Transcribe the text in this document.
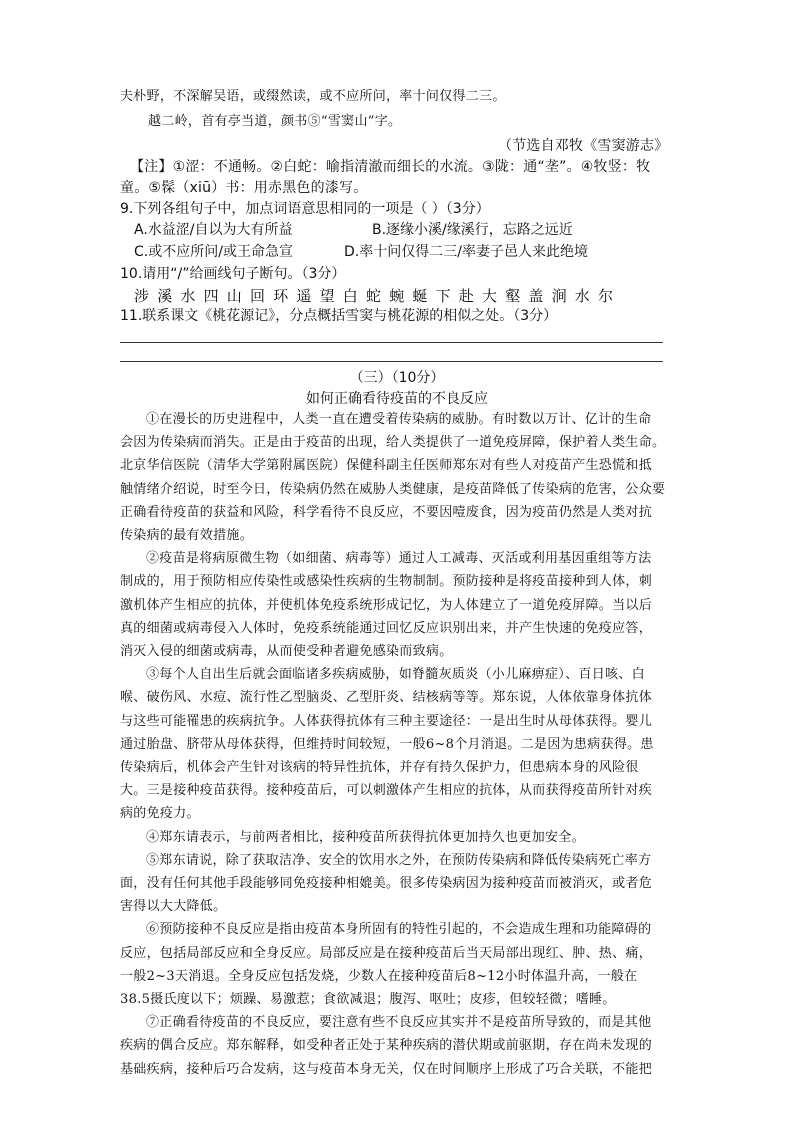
夫朴野，不深解吴语，或缀然读，或不应所问，率十问仅得二三。
越二岭，首有亭当道，颜书⑤“雪窦山”字。
（节选自邓牧《雪窦游志》
【注】①涩：不通畅。②白蛇：喻指清澈而细长的水流。③陇：通“垄”。④牧竖：牧
童。⑤髹（xiū）书：用赤黑色的漆写。
9.下列各组句子中，加点词语意思相同的一项是（ ）（3分）
A.水益涩/自以为大有所益	B.逐缘小溪/缘溪行，忘路之远近
C.或不应所问/或王命急宣	D.率十问仅得二三/率妻子邑人来此绝境
10.请用“/”给画线句子断句。（3分）
涉溪水四山回环遥望白蛇蜿蜒下赴大壑盖涧水尔
11.联系课文《桃花源记》，分点概括雪窦与桃花源的相似之处。（3分）
（三）（10分）
如何正确看待疫苗的不良反应
①在漫长的历史进程中，人类一直在遭受着传染病的威胁。有时数以万计、亿计的生命
会因为传染病而消失。正是由于疫苗的出现，给人类提供了一道免疫屏障，保护着人类生命。
北京华信医院（清华大学第附属医院）保健科副主任医师郑东对有些人对疫苗产生恐慌和抵
触情绪介绍说，时至今日，传染病仍然在威胁人类健康，是疫苗降低了传染病的危害，公众要
正确看待疫苗的获益和风险，科学看待不良反应，不要因噎废食，因为疫苗仍然是人类对抗
传染病的最有效措施。
②疫苗是将病原微生物（如细菌、病毒等）通过人工减毒、灭活或利用基因重组等方法
制成的，用于预防相应传染性或感染性疾病的生物制制。预防接种是将疫苗接种到人体，刺
激机体产生相应的抗体，并使机体免疫系统形成记忆，为人体建立了一道免疫屏障。当以后
真的细菌或病毒侵入人体时，免疫系统能通过回忆反应识别出来，并产生快速的免疫应答，
消灭入侵的细菌或病毒，从而使受种者避免感染而致病。
③每个人自出生后就会面临诸多疾病威胁，如脊髓灰质炎（小儿麻痹症）、百日咳、白
喉、破伤风、水痘、流行性乙型脑炎、乙型肝炎、结核病等等。郑东说，人体依靠身体抗体
与这些可能罹患的疾病抗争。人体获得抗体有三种主要途径：一是出生时从母体获得。婴儿
通过胎盘、脐带从母体获得，但维持时间较短，一般6~8个月消退。二是因为患病获得。患
传染病后，机体会产生针对该病的特异性抗体，并存有持久保护力，但患病本身的风险很
大。三是接种疫苗获得。接种疫苗后，可以刺激体产生相应的抗体，从而获得疫苗所针对疾
病的免疫力。
④郑东请表示，与前两者相比，接种疫苗所获得抗体更加持久也更加安全。
⑤郑东请说，除了获取洁净、安全的饮用水之外，在预防传染病和降低传染病死亡率方
面，没有任何其他手段能够同免疫接种相媲美。很多传染病因为接种疫苗而被消灭，或者危
害得以大大降低。
⑥预防接种不良反应是指由疫苗本身所固有的特性引起的，不会造成生理和功能障碍的
反应，包括局部反应和全身反应。局部反应是在接种疫苗后当天局部出现红、肿、热、痛，
一般2~3天消退。全身反应包括发烧，少数人在接种疫苗后8~12小时体温升高，一般在
38.5摄氏度以下；烦躁、易激惹；食欲减退；腹泻、呕吐；皮疹，但较轻微；嗜睡。
⑦正确看待疫苗的不良反应，要注意有些不良反应其实并不是疫苗所导致的，而是其他
疾病的偶合反应。郑东解释，如受种者正处于某种疾病的潜伏期或前驱期，存在尚未发现的
基础疾病，接种后巧合发病，这与疫苗本身无关，仅在时间顺序上形成了巧合关联，不能把
